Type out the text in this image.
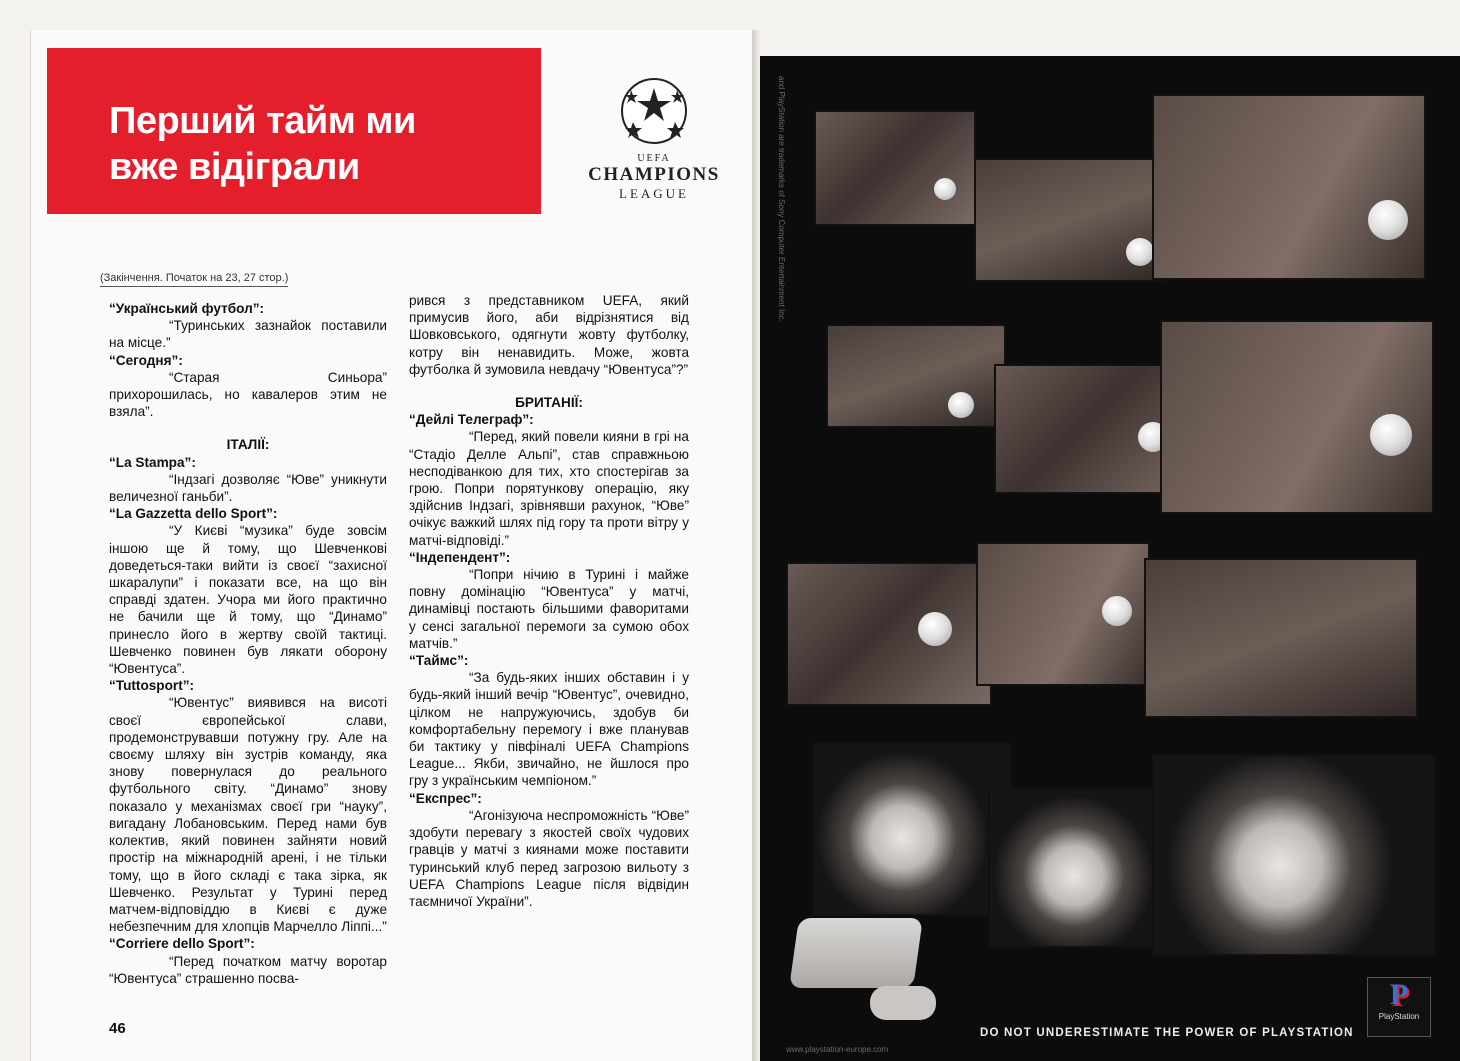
Перший тайм ми
вже відіграли	UEFA
CHAMPIONS
LEAGUE
(Закінчення. Початок на 23, 27 стор.)

“Український футбол”:

“Туринських зазнайок поставили на місце.”

“Сегодня”:

“Старая Синьора” прихорошилась, но кавалеров этим не взяла”.

ІТАЛІЇ:

“La Stampa”:

“Індзагі дозволяє “Юве” уникнути величезної ганьби”.

“La Gazzetta dello Sport”:

“У Києві “музика” буде зовсім іншою ще й тому, що Шевченкові доведеться-таки вийти із своєї “захисної шкаралупи” і показати все, на що він справді здатен. Учора ми його практично не бачили ще й тому, що “Динамо” принесло його в жертву своїй тактиці. Шевченко повинен був лякати оборону “Ювентуса”.

“Tuttosport”:

“Ювентус” виявився на висоті своєї європейської слави, продемонструвавши потужну гру. Але на своєму шляху він зустрів команду, яка знову повернулася до реального футбольного світу. “Динамо” знову показало у механізмах своєї гри “науку”, вигадану Лобановським. Перед нами був колектив, який повинен зайняти новий простір на міжнародній арені, і не тільки тому, що в його складі є така зірка, як Шевченко. Результат у Турині перед матчем-відповіддю в Києві є дуже небезпечним для хлопців Марчелло Ліппі...”

“Corriere dello Sport”:

“Перед початком матчу воротар “Ювентуса” страшенно посва-

рився з представником UEFA, який примусив його, аби відрізнятися від Шовковського, одягнути жовту футболку, котру він ненавидить. Може, жовта футболка й зумовила невдачу “Ювентуса”?”

БРИТАНІЇ:

“Дейлі Телеграф”:

“Перед, який повели кияни в грі на “Стадіо Делле Альпі”, став справжньою несподіванкою для тих, хто спостерігав за грою. Попри порятункову операцію, яку здійснив Індзагі, зрівнявши рахунок, “Юве” очікує важкий шлях під гору та проти вітру у матчі-відповіді.”

“Індепендент”:

“Попри нічию в Турині і майже повну домінацію “Ювентуса” у матчі, динамівці постають більшими фаворитами у сенсі загальної перемоги за сумою обох матчів.”

“Таймс”:

“За будь-яких інших обставин і у будь-який інший вечір “Ювентус”, очевидно, цілком не напружуючись, здобув би комфортабельну перемогу і вже планував би тактику у півфіналі UEFA Champions League... Якби, звичайно, не йшлося про гру з українським чемпіоном.”

“Експрес”:

“Агонізуюча неспроможність “Юве” здобути перевагу з якостей своїх чудових гравців у матчі з киянами може поставити туринський клуб перед загрозою вильоту з UEFA Champions League після відвідин таємничої України”.

46
and PlayStation are trademarks of Sony Computer Entertainment Inc.
www.playstation-europe.com
DO NOT UNDERESTIMATE THE POWER OF PLAYSTATION
P
PlayStation
